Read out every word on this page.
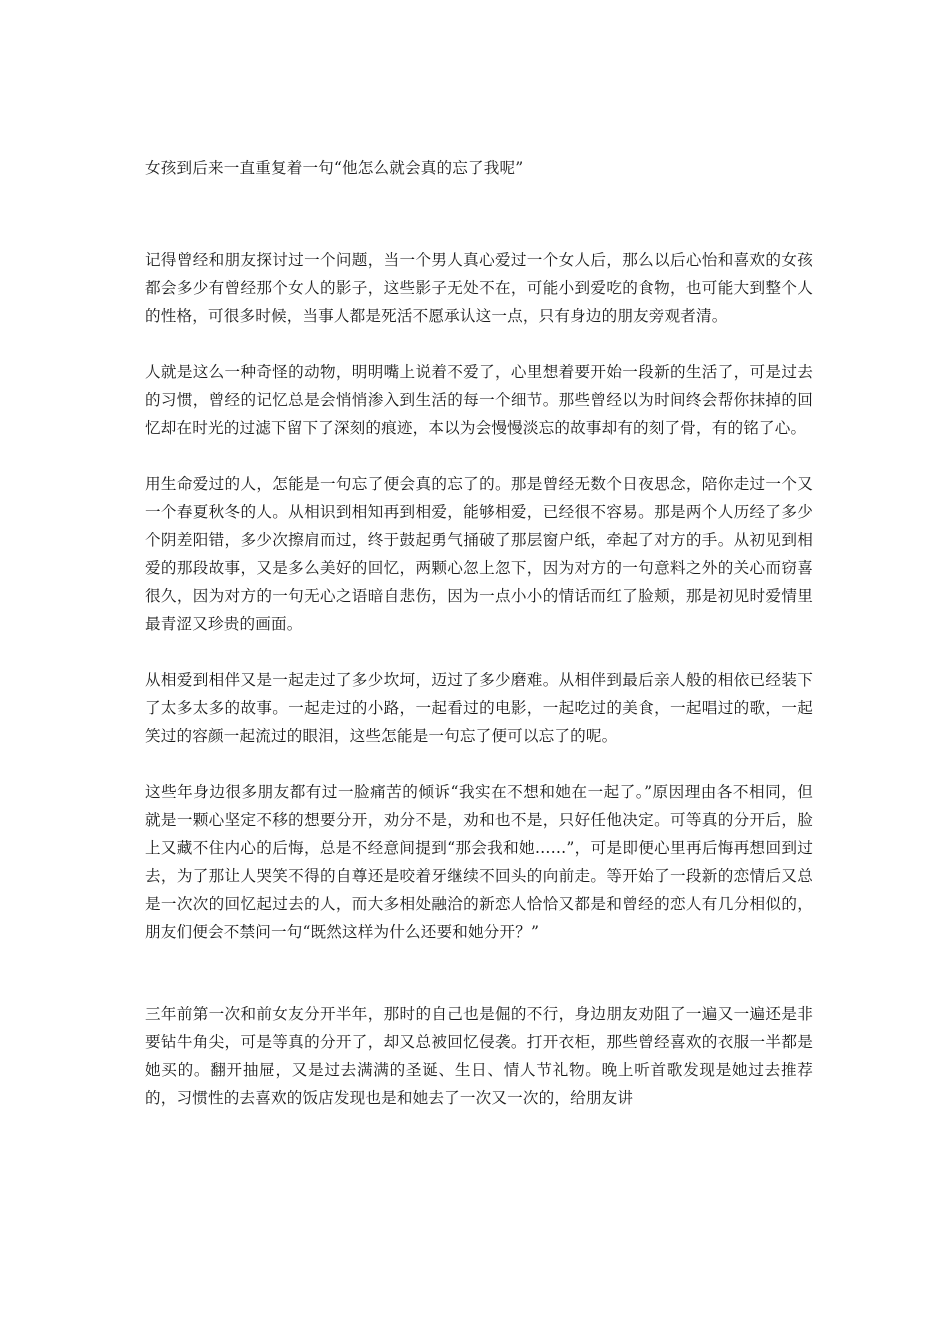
女孩到后来一直重复着一句“他怎么就会真的忘了我呢”

记得曾经和朋友探讨过一个问题，当一个男人真心爱过一个女人后，那么以后心怡和喜欢的女孩都会多少有曾经那个女人的影子，这些影子无处不在，可能小到爱吃的食物，也可能大到整个人的性格，可很多时候，当事人都是死活不愿承认这一点，只有身边的朋友旁观者清。

人就是这么一种奇怪的动物，明明嘴上说着不爱了，心里想着要开始一段新的生活了，可是过去的习惯，曾经的记忆总是会悄悄渗入到生活的每一个细节。那些曾经以为时间终会帮你抹掉的回忆却在时光的过滤下留下了深刻的痕迹，本以为会慢慢淡忘的故事却有的刻了骨，有的铭了心。

用生命爱过的人，怎能是一句忘了便会真的忘了的。那是曾经无数个日夜思念，陪你走过一个又一个春夏秋冬的人。从相识到相知再到相爱，能够相爱，已经很不容易。那是两个人历经了多少个阴差阳错，多少次擦肩而过，终于鼓起勇气捅破了那层窗户纸，牵起了对方的手。从初见到相爱的那段故事，又是多么美好的回忆，两颗心忽上忽下，因为对方的一句意料之外的关心而窃喜很久，因为对方的一句无心之语暗自悲伤，因为一点小小的情话而红了脸颊，那是初见时爱情里最青涩又珍贵的画面。

从相爱到相伴又是一起走过了多少坎坷，迈过了多少磨难。从相伴到最后亲人般的相依已经装下了太多太多的故事。一起走过的小路，一起看过的电影，一起吃过的美食，一起唱过的歌，一起笑过的容颜一起流过的眼泪，这些怎能是一句忘了便可以忘了的呢。

这些年身边很多朋友都有过一脸痛苦的倾诉“我实在不想和她在一起了。”原因理由各不相同，但就是一颗心坚定不移的想要分开，劝分不是，劝和也不是，只好任他决定。可等真的分开后，脸上又藏不住内心的后悔，总是不经意间提到“那会我和她……”，可是即便心里再后悔再想回到过去，为了那让人哭笑不得的自尊还是咬着牙继续不回头的向前走。等开始了一段新的恋情后又总是一次次的回忆起过去的人，而大多相处融洽的新恋人恰恰又都是和曾经的恋人有几分相似的，朋友们便会不禁问一句“既然这样为什么还要和她分开？”

三年前第一次和前女友分开半年，那时的自己也是倔的不行，身边朋友劝阻了一遍又一遍还是非要钻牛角尖，可是等真的分开了，却又总被回忆侵袭。打开衣柜，那些曾经喜欢的衣服一半都是她买的。翻开抽屉，又是过去满满的圣诞、生日、情人节礼物。晚上听首歌发现是她过去推荐的，习惯性的去喜欢的饭店发现也是和她去了一次又一次的，给朋友讲
